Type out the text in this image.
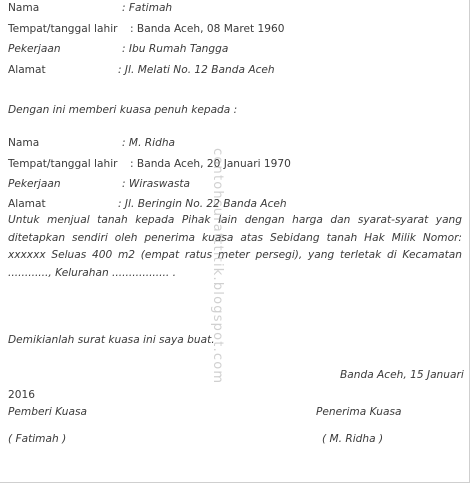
Nama	: Fatimah
Tempat/tanggal lahir : Banda Aceh, 08 Maret 1960
Pekerjaan	: Ibu Rumah Tangga
Alamat	: Jl. Melati No. 12 Banda Aceh
Dengan ini memberi kuasa penuh kepada :
Nama	: M. Ridha
Tempat/tanggal lahir : Banda Aceh, 20 Januari 1970
Pekerjaan	: Wiraswasta
Alamat	: Jl. Beringin No. 22 Banda Aceh
Untuk menjual tanah kepada Pihak lain dengan harga dan syarat-syarat yang ditetapkan sendiri oleh penerima kuasa atas Sebidang tanah Hak Milik Nomor: xxxxxx Seluas 400 m2 (empat ratus meter persegi), yang terletak di Kecamatan ............, Kelurahan ................. .
Demikianlah surat kuasa ini saya buat.
Banda Aceh, 15 Januari
2016
Pemberi Kuasa	Penerima Kuasa
( Fatimah )	( M. Ridha )
contohsuratttitik.blogspot.com
